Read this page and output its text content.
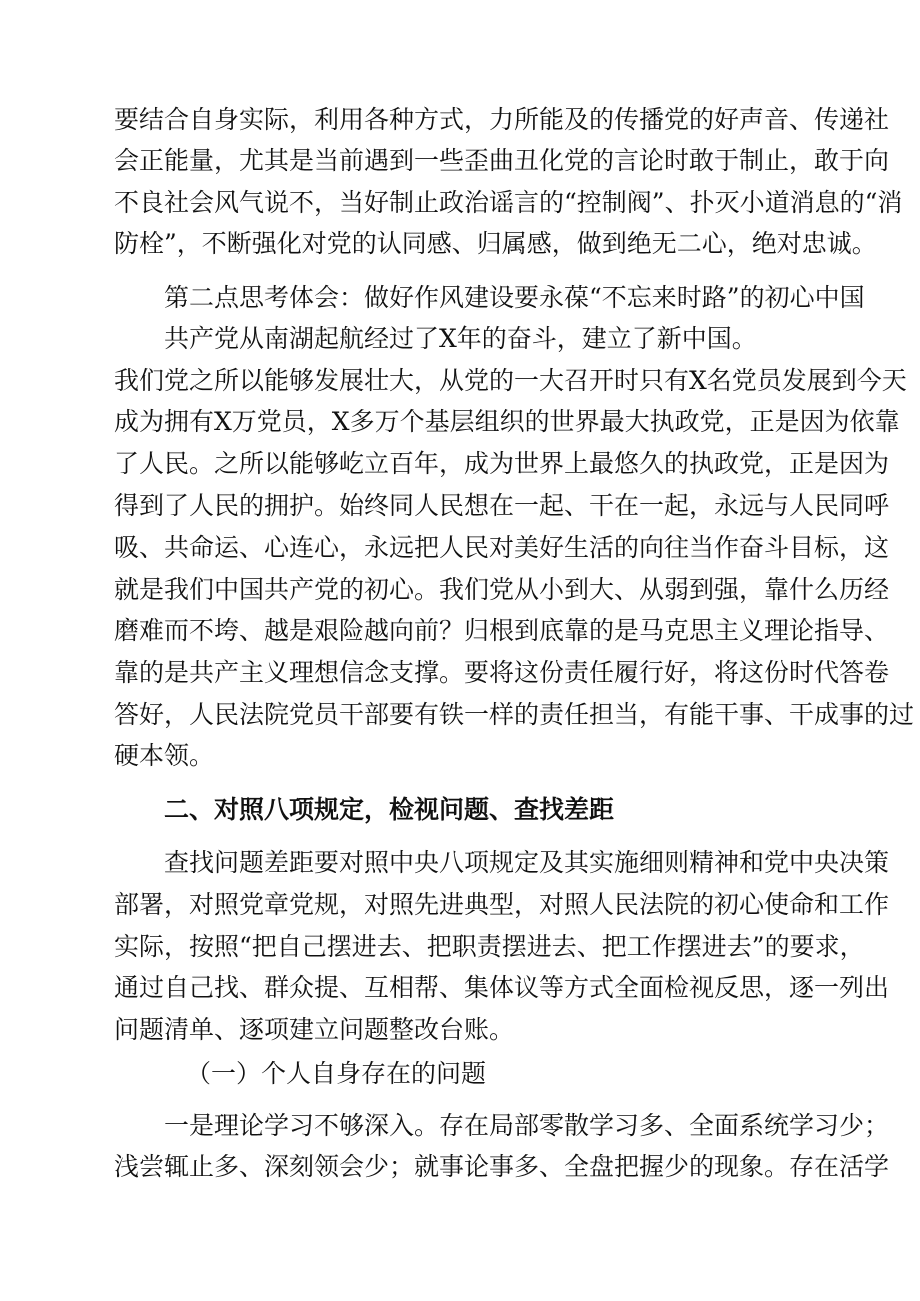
要结合自身实际，利用各种方式，力所能及的传播党的好声音、传递社
会正能量，尤其是当前遇到一些歪曲丑化党的言论时敢于制止，敢于向
不良社会风气说不，当好制止政治谣言的“控制阀”、扑灭小道消息的“消
防栓”，不断强化对党的认同感、归属感，做到绝无二心，绝对忠诚。
第二点思考体会：做好作风建设要永葆“不忘来时路”的初心中国
共产党从南湖起航经过了X年的奋斗，建立了新中国。
我们党之所以能够发展壮大，从党的一大召开时只有X名党员发展到今天
成为拥有X万党员，X多万个基层组织的世界最大执政党，正是因为依靠
了人民。之所以能够屹立百年，成为世界上最悠久的执政党，正是因为
得到了人民的拥护。始终同人民想在一起、干在一起，永远与人民同呼
吸、共命运、心连心，永远把人民对美好生活的向往当作奋斗目标，这
就是我们中国共产党的初心。我们党从小到大、从弱到强，靠什么历经
磨难而不垮、越是艰险越向前？归根到底靠的是马克思主义理论指导、
靠的是共产主义理想信念支撑。要将这份责任履行好，将这份时代答卷
答好，人民法院党员干部要有铁一样的责任担当，有能干事、干成事的过
硬本领。
二、对照八项规定，检视问题、查找差距
查找问题差距要对照中央八项规定及其实施细则精神和党中央决策
部署，对照党章党规，对照先进典型，对照人民法院的初心使命和工作
实际，按照“把自己摆进去、把职责摆进去、把工作摆进去”的要求，
通过自己找、群众提、互相帮、集体议等方式全面检视反思，逐一列出
问题清单、逐项建立问题整改台账。
（一）个人自身存在的问题
一是理论学习不够深入。存在局部零散学习多、全面系统学习少；
浅尝辄止多、深刻领会少；就事论事多、全盘把握少的现象。存在活学
